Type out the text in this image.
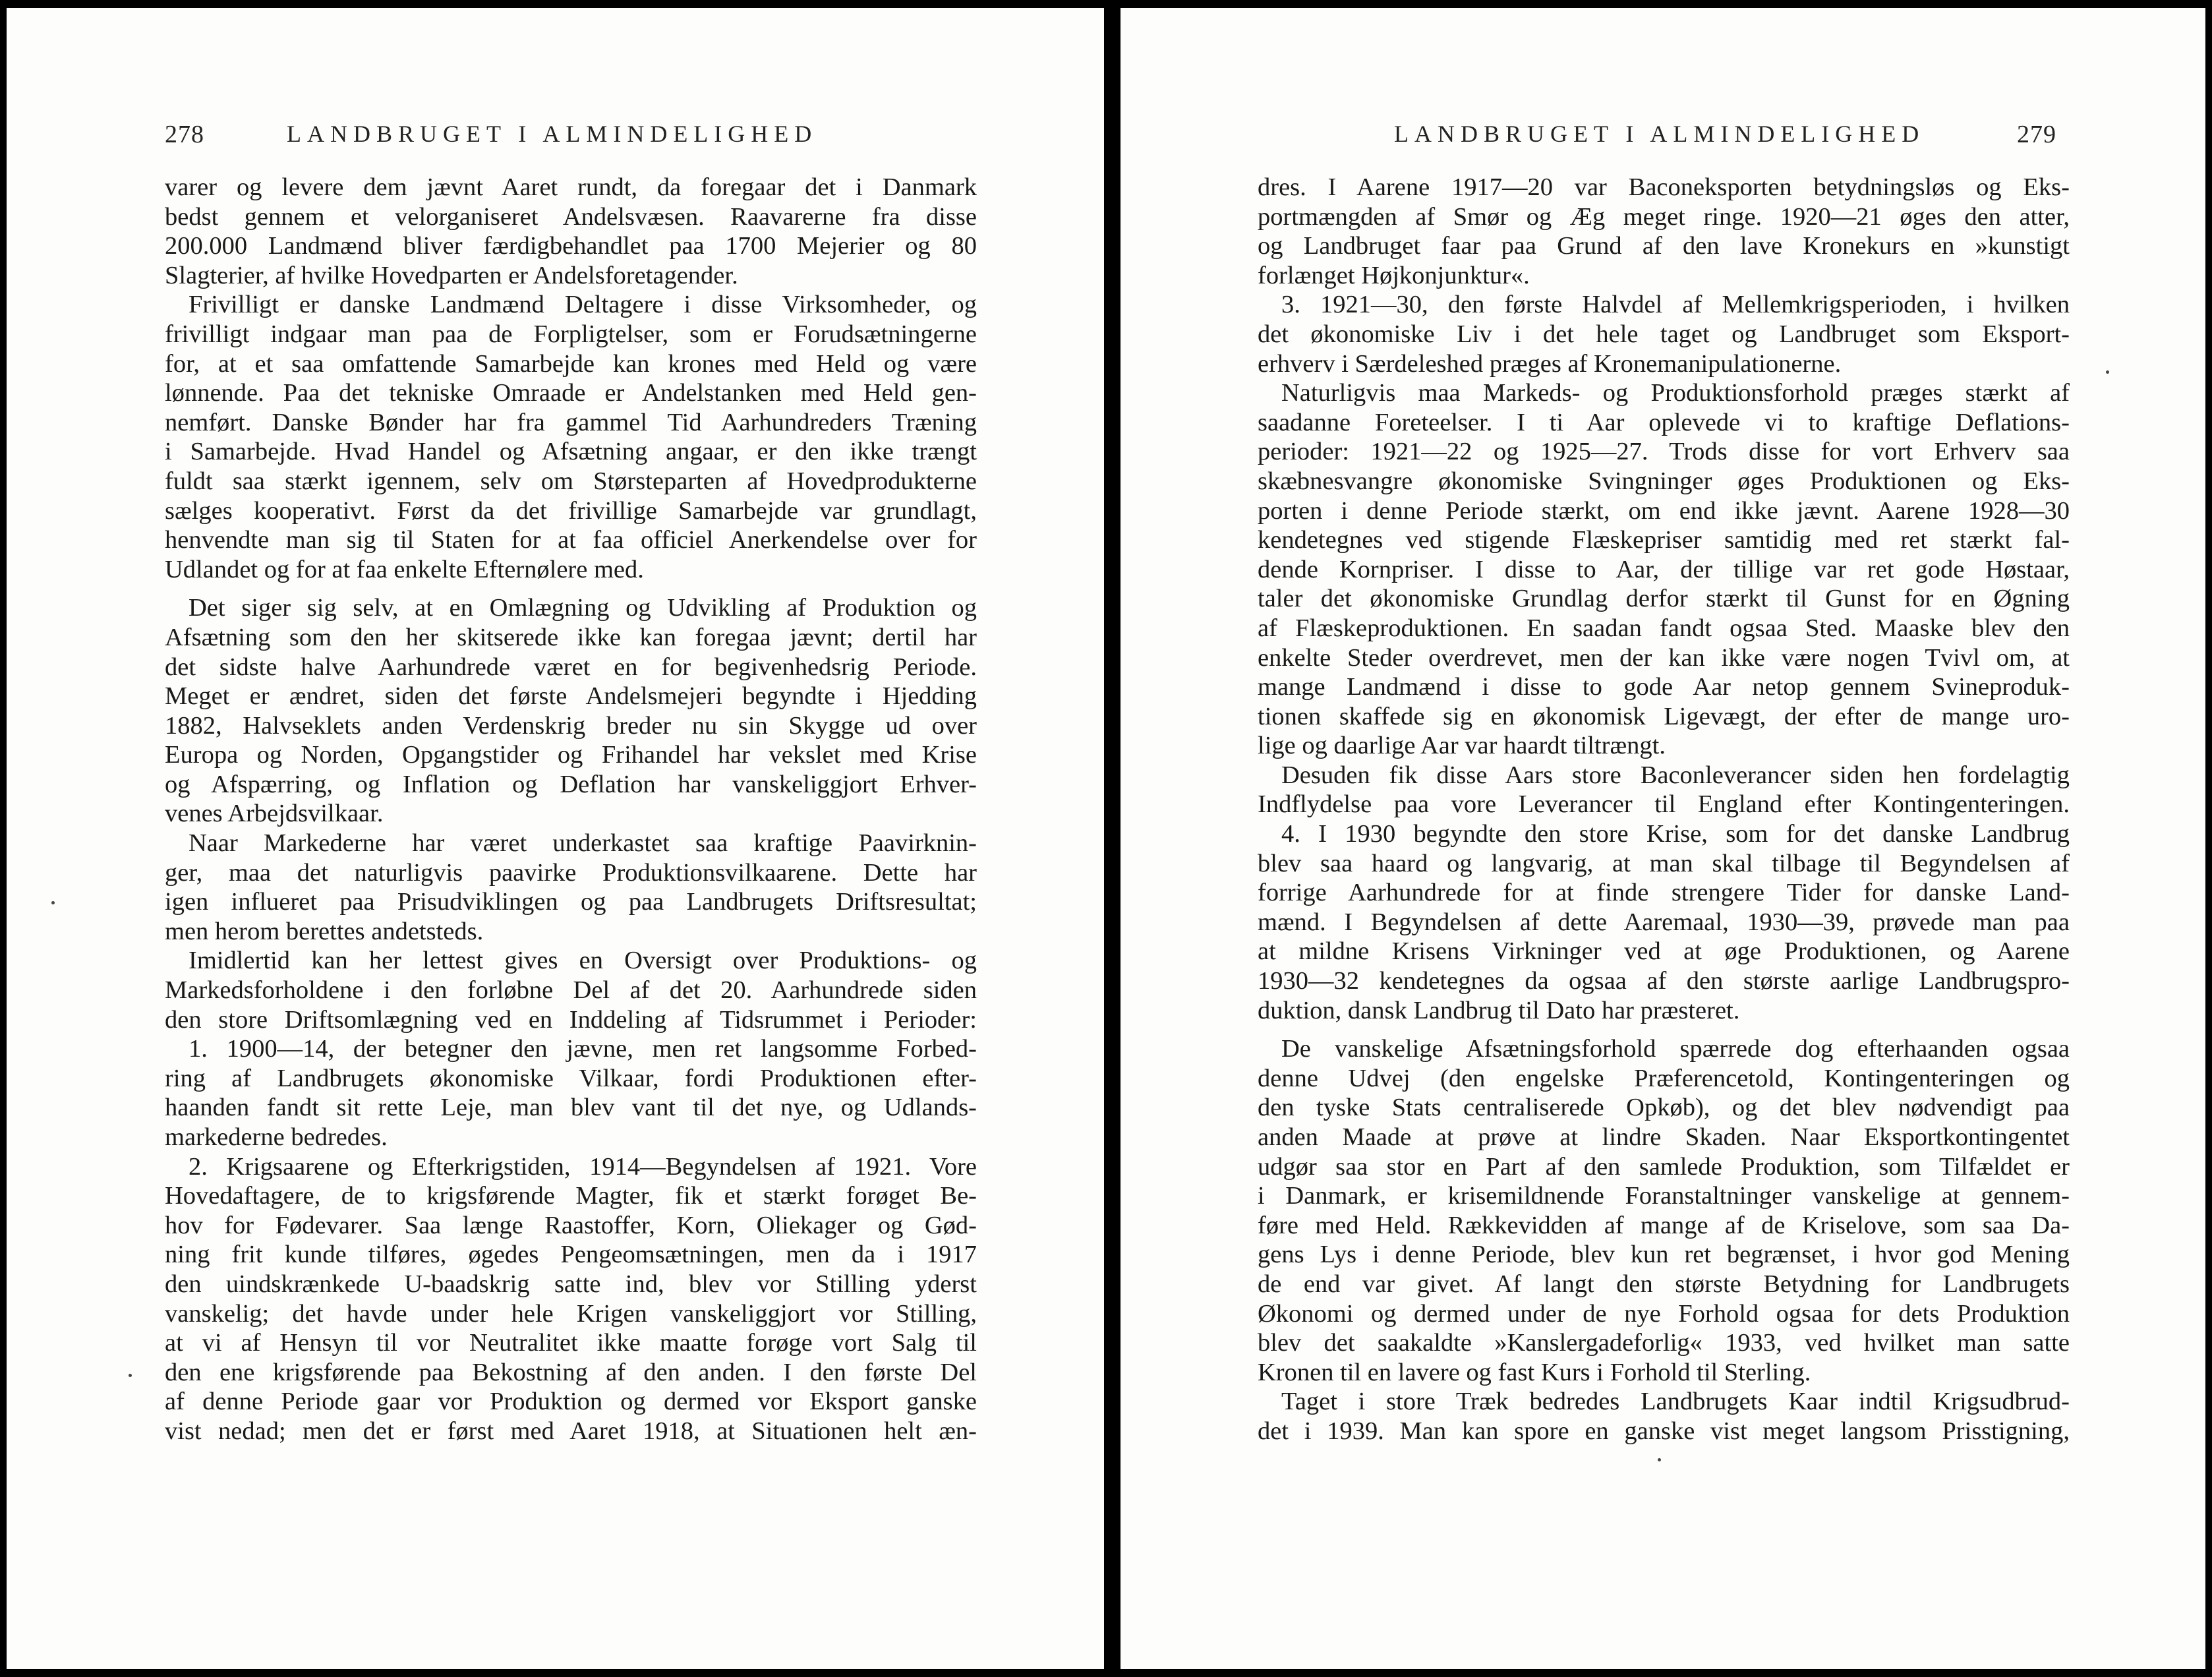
278	LANDBRUGET I ALMINDELIGHED
varer og levere dem jævnt Aaret rundt, da foregaar det i Danmark
bedst gennem et velorganiseret Andelsvæsen. Raavarerne fra disse
200.000 Landmænd bliver færdigbehandlet paa 1700 Mejerier og 80
Slagterier, af hvilke Hovedparten er Andelsforetagender.
Frivilligt er danske Landmænd Deltagere i disse Virksomheder, og
frivilligt indgaar man paa de Forpligtelser, som er Forudsætningerne
for, at et saa omfattende Samarbejde kan krones med Held og være
lønnende. Paa det tekniske Omraade er Andelstanken med Held gen-
nemført. Danske Bønder har fra gammel Tid Aarhundreders Træning
i Samarbejde. Hvad Handel og Afsætning angaar, er den ikke trængt
fuldt saa stærkt igennem, selv om Størsteparten af Hovedprodukterne
sælges kooperativt. Først da det frivillige Samarbejde var grundlagt,
henvendte man sig til Staten for at faa officiel Anerkendelse over for
Udlandet og for at faa enkelte Efternølere med.
Det siger sig selv, at en Omlægning og Udvikling af Produktion og
Afsætning som den her skitserede ikke kan foregaa jævnt; dertil har
det sidste halve Aarhundrede været en for begivenhedsrig Periode.
Meget er ændret, siden det første Andelsmejeri begyndte i Hjedding
1882, Halvseklets anden Verdenskrig breder nu sin Skygge ud over
Europa og Norden, Opgangstider og Frihandel har vekslet med Krise
og Afspærring, og Inflation og Deflation har vanskeliggjort Erhver-
venes Arbejdsvilkaar.
Naar Markederne har været underkastet saa kraftige Paavirknin-
ger, maa det naturligvis paavirke Produktionsvilkaarene. Dette har
igen influeret paa Prisudviklingen og paa Landbrugets Driftsresultat;
men herom berettes andetsteds.
Imidlertid kan her lettest gives en Oversigt over Produktions- og
Markedsforholdene i den forløbne Del af det 20. Aarhundrede siden
den store Driftsomlægning ved en Inddeling af Tidsrummet i Perioder:
1. 1900—14, der betegner den jævne, men ret langsomme Forbed-
ring af Landbrugets økonomiske Vilkaar, fordi Produktionen efter-
haanden fandt sit rette Leje, man blev vant til det nye, og Udlands-
markederne bedredes.
2. Krigsaarene og Efterkrigstiden, 1914—Begyndelsen af 1921. Vore
Hovedaftagere, de to krigsførende Magter, fik et stærkt forøget Be-
hov for Fødevarer. Saa længe Raastoffer, Korn, Oliekager og Gød-
ning frit kunde tilføres, øgedes Pengeomsætningen, men da i 1917
den uindskrænkede U-baadskrig satte ind, blev vor Stilling yderst
vanskelig; det havde under hele Krigen vanskeliggjort vor Stilling,
at vi af Hensyn til vor Neutralitet ikke maatte forøge vort Salg til
den ene krigsførende paa Bekostning af den anden. I den første Del
af denne Periode gaar vor Produktion og dermed vor Eksport ganske
vist nedad; men det er først med Aaret 1918, at Situationen helt æn-
LANDBRUGET I ALMINDELIGHED	279
dres. I Aarene 1917—20 var Baconeksporten betydningsløs og Eks-
portmængden af Smør og Æg meget ringe. 1920—21 øges den atter,
og Landbruget faar paa Grund af den lave Kronekurs en »kunstigt
forlænget Højkonjunktur«.
3. 1921—30, den første Halvdel af Mellemkrigsperioden, i hvilken
det økonomiske Liv i det hele taget og Landbruget som Eksport-
erhverv i Særdeleshed præges af Kronemanipulationerne.
Naturligvis maa Markeds- og Produktionsforhold præges stærkt af
saadanne Foreteelser. I ti Aar oplevede vi to kraftige Deflations-
perioder: 1921—22 og 1925—27. Trods disse for vort Erhverv saa
skæbnesvangre økonomiske Svingninger øges Produktionen og Eks-
porten i denne Periode stærkt, om end ikke jævnt. Aarene 1928—30
kendetegnes ved stigende Flæskepriser samtidig med ret stærkt fal-
dende Kornpriser. I disse to Aar, der tillige var ret gode Høstaar,
taler det økonomiske Grundlag derfor stærkt til Gunst for en Øgning
af Flæskeproduktionen. En saadan fandt ogsaa Sted. Maaske blev den
enkelte Steder overdrevet, men der kan ikke være nogen Tvivl om, at
mange Landmænd i disse to gode Aar netop gennem Svineproduk-
tionen skaffede sig en økonomisk Ligevægt, der efter de mange uro-
lige og daarlige Aar var haardt tiltrængt.
Desuden fik disse Aars store Baconleverancer siden hen fordelagtig
Indflydelse paa vore Leverancer til England efter Kontingenteringen.
4. I 1930 begyndte den store Krise, som for det danske Landbrug
blev saa haard og langvarig, at man skal tilbage til Begyndelsen af
forrige Aarhundrede for at finde strengere Tider for danske Land-
mænd. I Begyndelsen af dette Aaremaal, 1930—39, prøvede man paa
at mildne Krisens Virkninger ved at øge Produktionen, og Aarene
1930—32 kendetegnes da ogsaa af den største aarlige Landbrugspro-
duktion, dansk Landbrug til Dato har præsteret.
De vanskelige Afsætningsforhold spærrede dog efterhaanden ogsaa
denne Udvej (den engelske Præferencetold, Kontingenteringen og
den tyske Stats centraliserede Opkøb), og det blev nødvendigt paa
anden Maade at prøve at lindre Skaden. Naar Eksportkontingentet
udgør saa stor en Part af den samlede Produktion, som Tilfældet er
i Danmark, er krisemildnende Foranstaltninger vanskelige at gennem-
føre med Held. Rækkevidden af mange af de Kriselove, som saa Da-
gens Lys i denne Periode, blev kun ret begrænset, i hvor god Mening
de end var givet. Af langt den største Betydning for Landbrugets
Økonomi og dermed under de nye Forhold ogsaa for dets Produktion
blev det saakaldte »Kanslergadeforlig« 1933, ved hvilket man satte
Kronen til en lavere og fast Kurs i Forhold til Sterling.
Taget i store Træk bedredes Landbrugets Kaar indtil Krigsudbrud-
det i 1939. Man kan spore en ganske vist meget langsom Prisstigning,
